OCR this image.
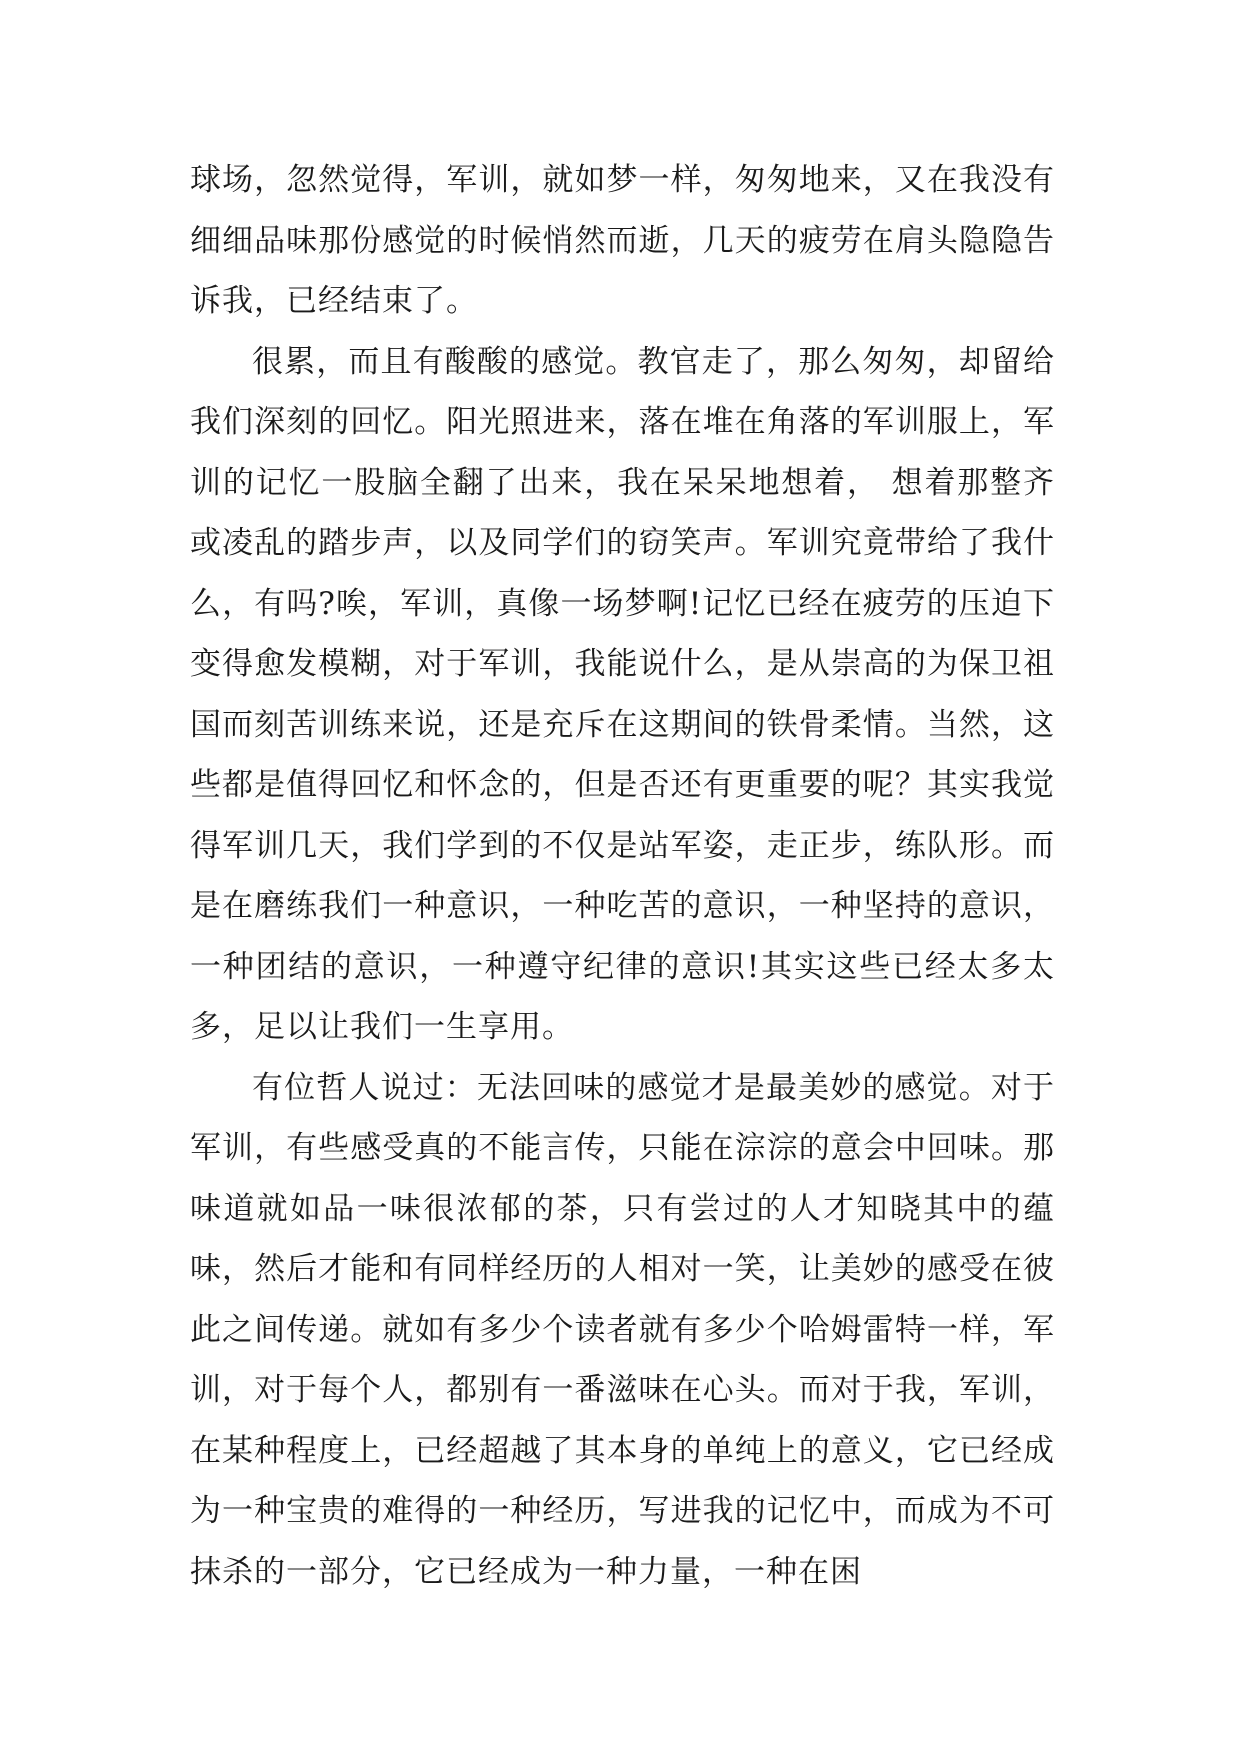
球场，忽然觉得，军训，就如梦一样，匆匆地来，又在我没有细细品味那份感觉的时候悄然而逝，几天的疲劳在肩头隐隐告诉我，已经结束了。

很累，而且有酸酸的感觉。教官走了，那么匆匆，却留给我们深刻的回忆。阳光照进来，落在堆在角落的军训服上，军训的记忆一股脑全翻了出来，我在呆呆地想着， 想着那整齐或凌乱的踏步声，以及同学们的窃笑声。军训究竟带给了我什么，有吗?唉，军训，真像一场梦啊!记忆已经在疲劳的压迫下变得愈发模糊，对于军训，我能说什么，是从崇高的为保卫祖国而刻苦训练来说，还是充斥在这期间的铁骨柔情。当然，这些都是值得回忆和怀念的，但是否还有更重要的呢？其实我觉得军训几天，我们学到的不仅是站军姿，走正步，练队形。而是在磨练我们一种意识，一种吃苦的意识，一种坚持的意识，一种团结的意识，一种遵守纪律的意识!其实这些已经太多太多，足以让我们一生享用。

有位哲人说过：无法回味的感觉才是最美妙的感觉。对于军训，有些感受真的不能言传，只能在淙淙的意会中回味。那味道就如品一味很浓郁的茶，只有尝过的人才知晓其中的蕴味，然后才能和有同样经历的人相对一笑，让美妙的感受在彼此之间传递。就如有多少个读者就有多少个哈姆雷特一样，军训，对于每个人，都别有一番滋味在心头。而对于我，军训，在某种程度上，已经超越了其本身的单纯上的意义，它已经成为一种宝贵的难得的一种经历，写进我的记忆中，而成为不可抹杀的一部分，它已经成为一种力量，一种在困
